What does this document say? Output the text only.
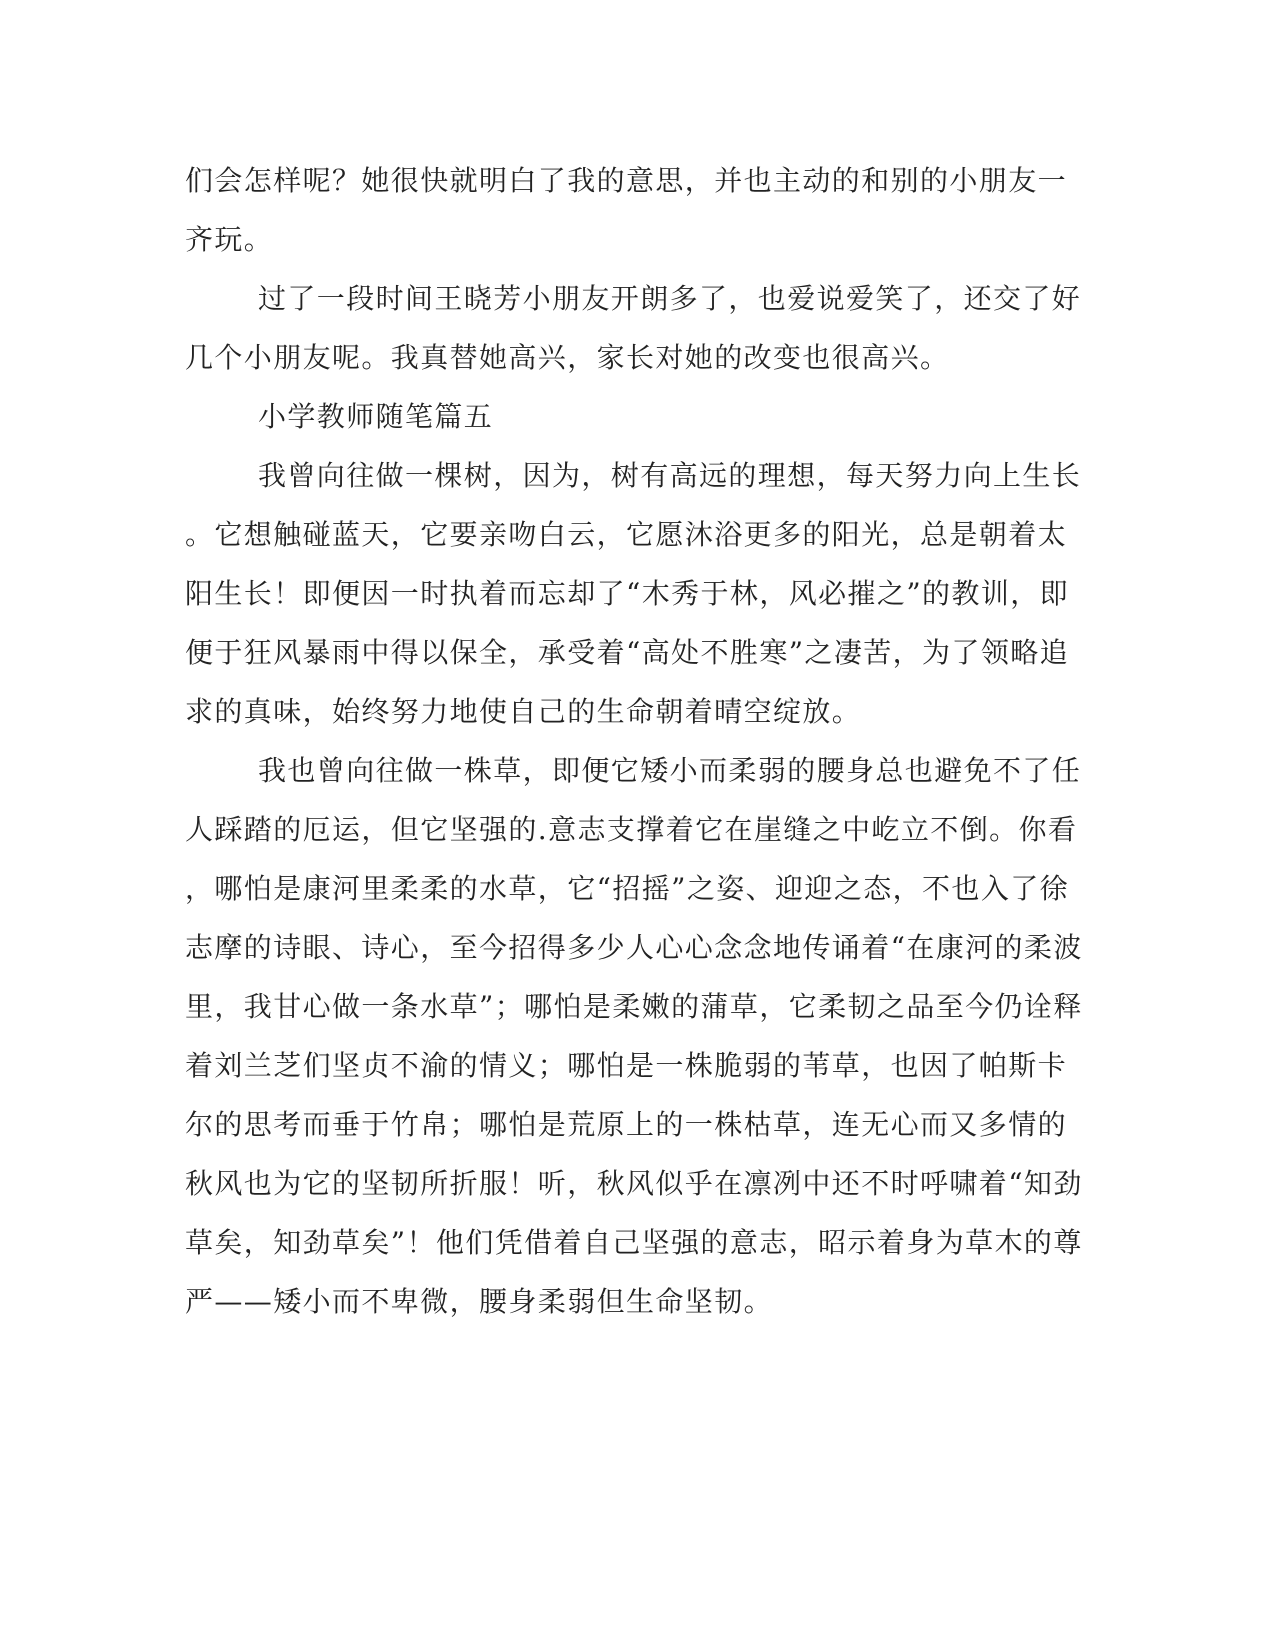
们会怎样呢？她很快就明白了我的意思，并也主动的和别的小朋友一
齐玩。
过了一段时间王晓芳小朋友开朗多了，也爱说爱笑了，还交了好
几个小朋友呢。我真替她高兴，家长对她的改变也很高兴。
小学教师随笔篇五
我曾向往做一棵树，因为，树有高远的理想，每天努力向上生长
。它想触碰蓝天，它要亲吻白云，它愿沐浴更多的阳光，总是朝着太
阳生长！即便因一时执着而忘却了“木秀于林，风必摧之”的教训，即
便于狂风暴雨中得以保全，承受着“高处不胜寒”之凄苦，为了领略追
求的真味，始终努力地使自己的生命朝着晴空绽放。
我也曾向往做一株草，即便它矮小而柔弱的腰身总也避免不了任
人踩踏的厄运，但它坚强的.意志支撑着它在崖缝之中屹立不倒。你看
，哪怕是康河里柔柔的水草，它“招摇”之姿、迎迎之态，不也入了徐
志摩的诗眼、诗心，至今招得多少人心心念念地传诵着“在康河的柔波
里，我甘心做一条水草”；哪怕是柔嫩的蒲草，它柔韧之品至今仍诠释
着刘兰芝们坚贞不渝的情义；哪怕是一株脆弱的苇草，也因了帕斯卡
尔的思考而垂于竹帛；哪怕是荒原上的一株枯草，连无心而又多情的
秋风也为它的坚韧所折服！听，秋风似乎在凛冽中还不时呼啸着“知劲
草矣，知劲草矣”！他们凭借着自己坚强的意志，昭示着身为草木的尊
严——矮小而不卑微，腰身柔弱但生命坚韧。
